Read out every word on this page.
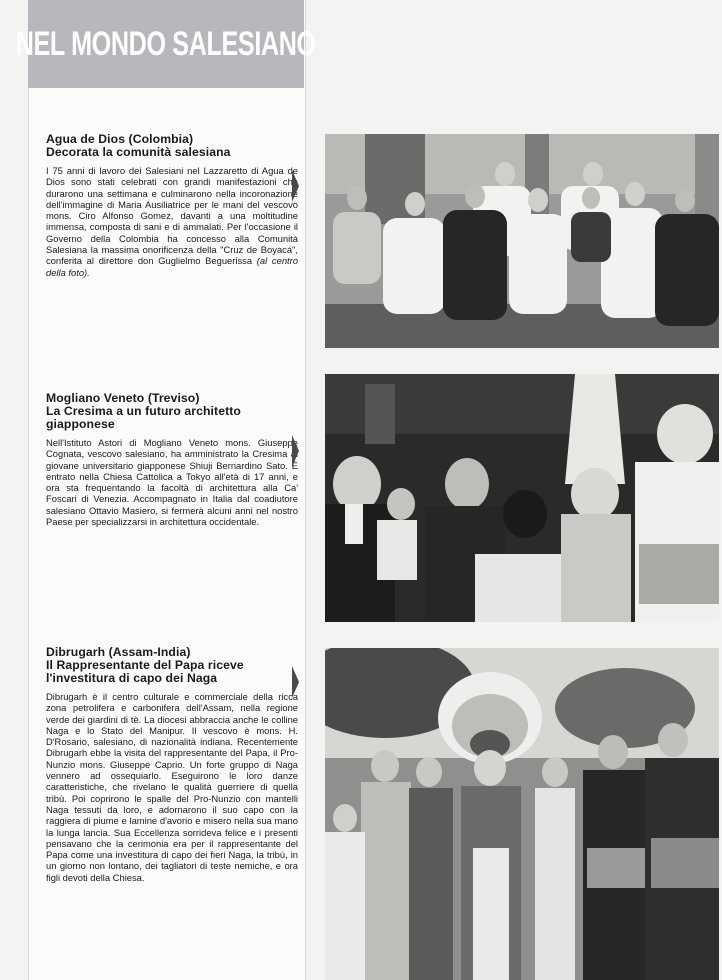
NEL MONDO SALESIANO
Agua de Dios (Colombia)
Decorata la comunità salesiana

I 75 anni di lavoro dei Salesiani nel Lazzaretto di Agua de Dios sono stati celebrati con grandi manifestazioni che durarono una settimana e culminarono nella incoronazione dell'immagine di Maria Ausiliatrice per le mani del vescovo mons. Ciro Alfonso Gomez, davanti a una moltitudine immensa, composta di sani e di ammalati. Per l'occasione il Governo della Colombia ha concesso alla Comunità Salesiana la massima onorificenza della "Cruz de Boyacá", conferita al direttore don Guglielmo Beguerissa (al centro della foto).

Mogliano Veneto (Treviso)
La Cresima a un futuro architetto giapponese

Nell'Istituto Astori di Mogliano Veneto mons. Giuseppe Cognata, vescovo salesiano, ha amministrato la Cresima al giovane universitario giapponese Shiuji Bernardino Sato. È entrato nella Chiesa Cattolica a Tokyo all'età di 17 anni, e ora sta frequentando la facoltà di architettura alla Ca' Foscari di Venezia. Accompagnato in Italia dal coadiutore salesiano Ottavio Masiero, si fermerà alcuni anni nel nostro Paese per specializzarsi in architettura occidentale.

Dibrugarh (Assam-India)
Il Rappresentante del Papa riceve l'investitura di capo dei Naga

Dibrugarh è il centro culturale e commerciale della ricca zona petrolifera e carbonifera dell'Assam, nella regione verde dei giardini di tè. La diocesi abbraccia anche le colline Naga e lo Stato del Manipur. Il vescovo è mons. H. D'Rosario, salesiano, di nazionalità indiana. Recentemente Dibrugarh ebbe la visita del rappresentante del Papa, il Pro-Nunzio mons. Giuseppe Caprio. Un forte gruppo di Naga vennero ad ossequiarlo. Eseguirono le loro danze caratteristiche, che rivelano le qualità guerriere di quella tribù. Poi coprirono le spalle del Pro-Nunzio con mantelli Naga tessuti da loro, e adornarono il suo capo con la raggiera di piume e lamine d'avorio e misero nella sua mano la lunga lancia. Sua Eccellenza sorrideva felice e i presenti pensavano che la cerimonia era per il rappresentante del Papa come una investitura di capo dei fieri Naga, la tribù, in un giorno non lontano, dei tagliatori di teste nemiche, e ora figli devoti della Chiesa.
